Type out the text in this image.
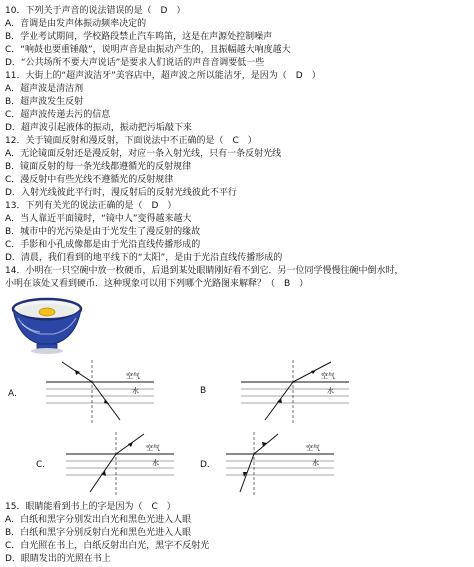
10．下列关于声音的说法错误的是（　D　）
A．音调是由发声体振动频率决定的
B．学业考试期间，学校路段禁止汽车鸣笛，这是在声源处控制噪声
C．“响鼓也要重锤敲”，说明声音是由振动产生的，且振幅越大响度越大
D．“公共场所不要大声说话”是要求人们说话的声音音调要低一些
11．大街上的“超声波洁牙”美容店中，超声波之所以能洁牙，是因为（　D　）
A．超声波是清洁剂
B．超声波发生反射
C．超声波传递去污的信息
D．超声波引起液体的振动，振动把污垢敲下来
12．关于镜面反射和漫反射，下面说法中不正确的是（　C　）
A．无论镜面反射还是漫反射，对应一条入射光线，只有一条反射光线
B．镜面反射的每一条光线都遵循光的反射规律
C．漫反射中有些光线不遵循光的反射规律
D．入射光线彼此平行时，漫反射后的反射光线彼此不平行
13．下列有关光的说法正确的是（　D　）
A．当人靠近平面镜时，“镜中人”变得越来越大
B．城市中的光污染是由于光发生了漫反射的缘故
C．手影和小孔成像都是由于光沿直线传播形成的
D．清晨，我们看到的地平线下的“太阳”，是由于光沿直线传播形成的
14．小明在一只空碗中放一枚硬币，后退到某处眼睛刚好看不到它．另一位同学慢慢往碗中倒水时，
小明在该处又看到硬币．这种现象可以用下列哪个光路图来解释？（　B　）
A．
空气
水	B
空气
水
C．
空气
水	D．
空气
水
15．眼睛能看到书上的字是因为（　C　）
A．白纸和黑字分别发出白光和黑色光进入人眼
B．白纸和黑字分别反射白光和黑色光进入人眼
C．白光照在书上，白纸反射出白光，黑字不反射光
D．眼睛发出的光照在书上
